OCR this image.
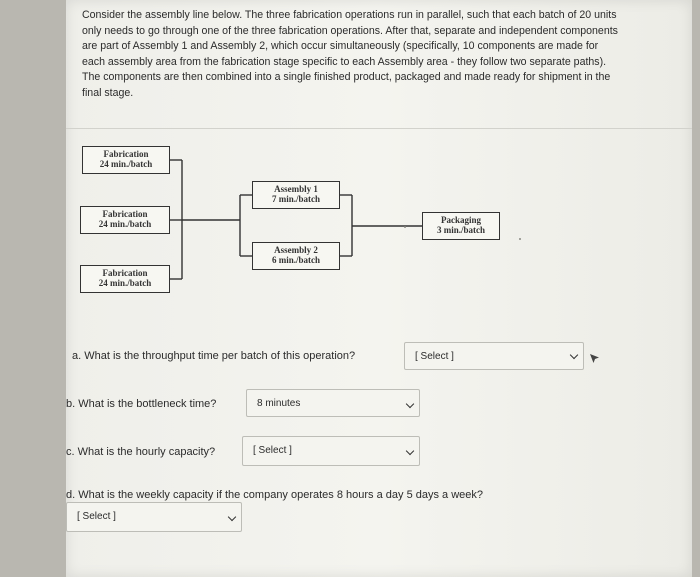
Consider the assembly line below. The three fabrication operations run in parallel, such that each batch of 20 units only needs to go through one of the three fabrication operations. After that, separate and independent components are part of Assembly 1 and Assembly 2, which occur simultaneously (specifically, 10 components are made for each assembly area from the fabrication stage specific to each Assembly area - they follow two separate paths). The components are then combined into a single finished product, packaged and made ready for shipment in the final stage.

Fabrication
24 min./batch
Fabrication
24 min./batch
Fabrication
24 min./batch
Assembly 1
7 min./batch
Assembly 2
6 min./batch
Packaging
3 min./batch
a. What is the throughput time per batch of this operation?	[ Select ]
b. What is the bottleneck time?	8 minutes
c. What is the hourly capacity?	[ Select ]
d. What is the weekly capacity if the company operates 8 hours a day 5 days a week?
[ Select ]
